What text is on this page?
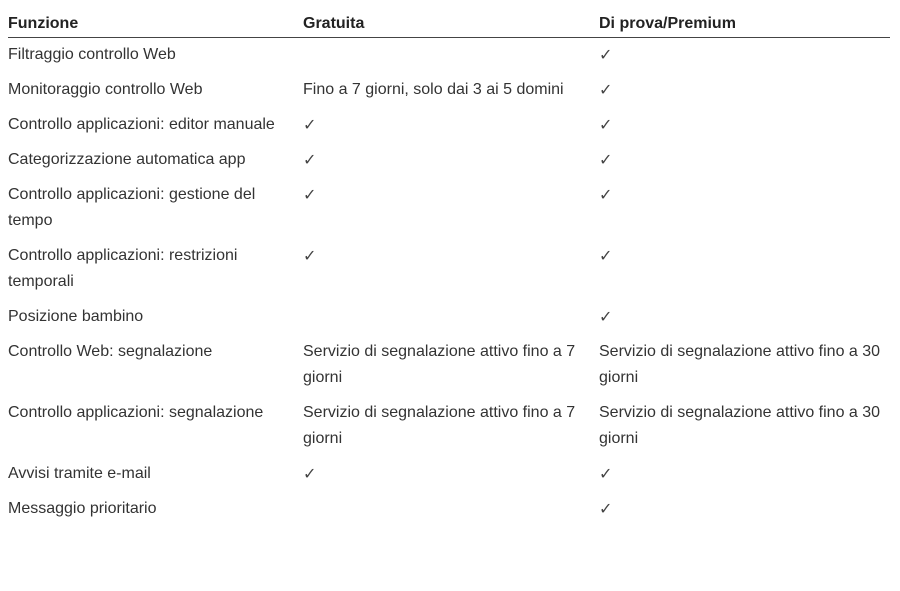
Funzione	Gratuita	Di prova/Premium
Filtraggio controllo Web		✓
Monitoraggio controllo Web	Fino a 7 giorni, solo dai 3 ai 5 domini	✓
Controllo applicazioni: editor manuale	✓	✓
Categorizzazione automatica app	✓	✓
Controllo applicazioni: gestione del tempo	✓	✓
Controllo applicazioni: restrizioni temporali	✓	✓
Posizione bambino		✓
Controllo Web: segnalazione	Servizio di segnalazione attivo fino a 7 giorni	Servizio di segnalazione attivo fino a 30 giorni
Controllo applicazioni: segnalazione	Servizio di segnalazione attivo fino a 7 giorni	Servizio di segnalazione attivo fino a 30 giorni
Avvisi tramite e-mail	✓	✓
Messaggio prioritario		✓
